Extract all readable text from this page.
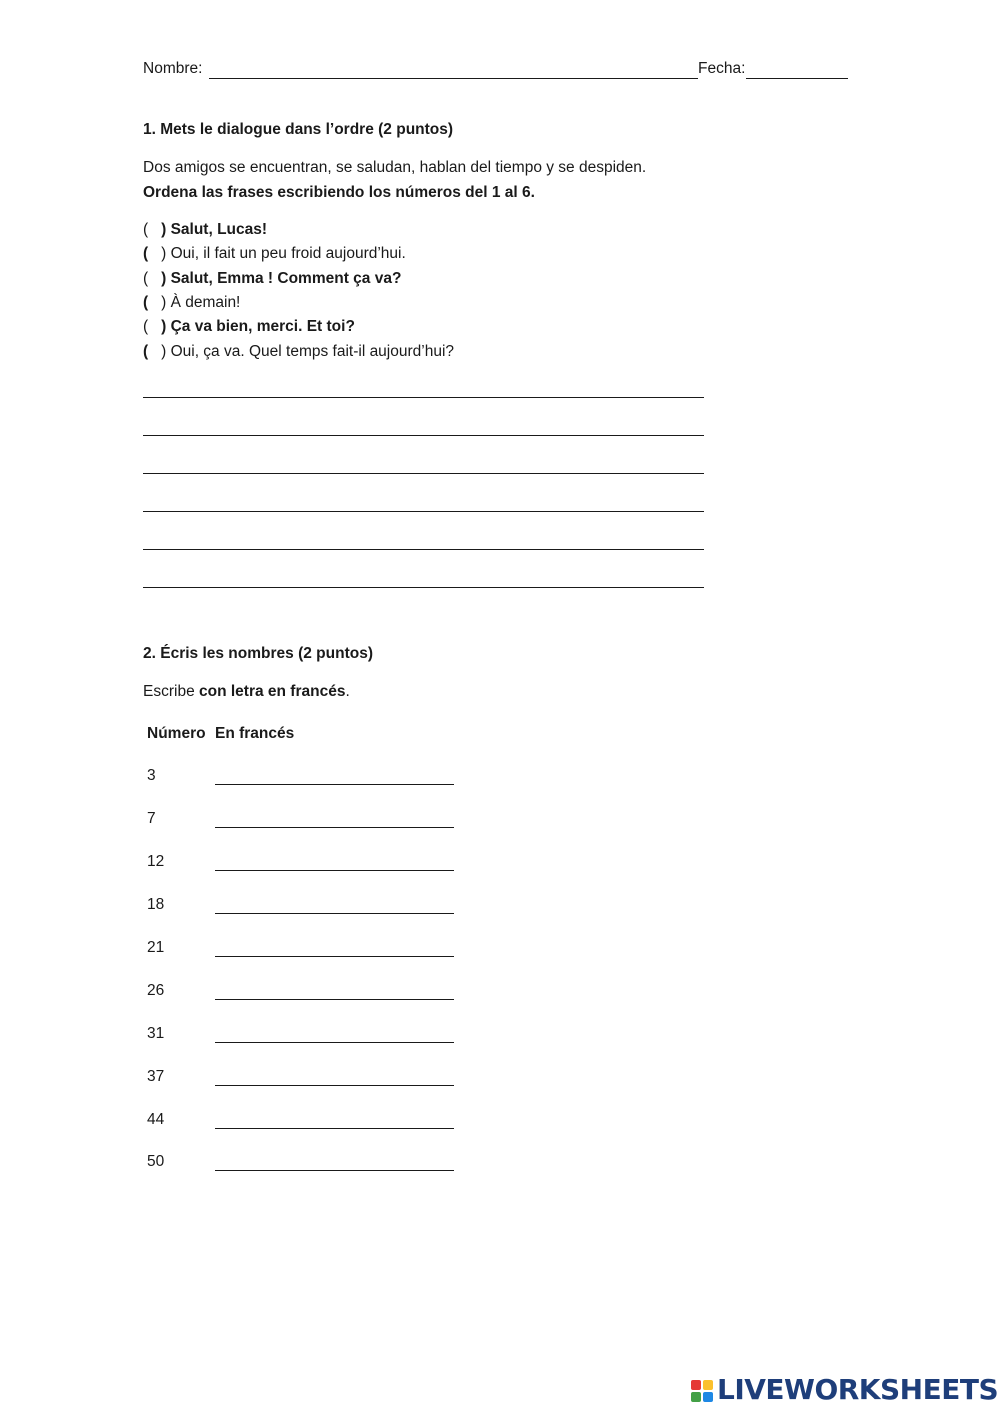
Nombre:	Fecha:
1. Mets le dialogue dans l’ordre (2 puntos)
Dos amigos se encuentran, se saludan, hablan del tiempo y se despiden.
Ordena las frases escribiendo los números del 1 al 6.
( ) Salut, Lucas!
( ) Oui, il fait un peu froid aujourd’hui.
( ) Salut, Emma ! Comment ça va?
( ) À demain!
( ) Ça va bien, merci. Et toi?
( ) Oui, ça va. Quel temps fait-il aujourd’hui?
2. Écris les nombres (2 puntos)
Escribe con letra en francés.
Número En francés
3
7
12
18
21
26
31
37
44
50
LIVEWORKSHEETS
